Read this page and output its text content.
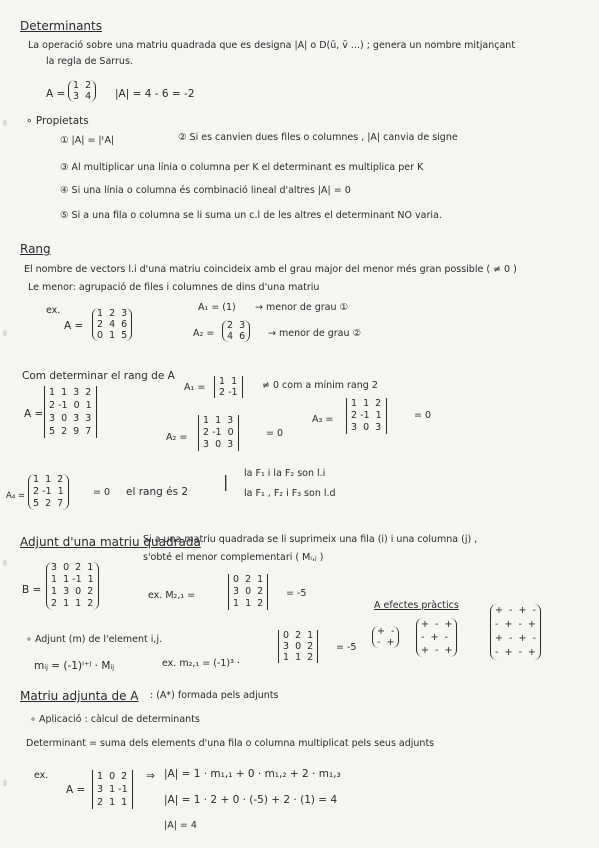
Determinants
La operació sobre una matriu quadrada que es designa |A| o D(ū, v̄ ...) ; genera un nombre mitjançant
la regla de Sarrus.
A =
1  2
3  4 |A| = 4 - 6 = -2
∘ Propietats
① |A| = |ᵗA|	② Si es canvien dues files o columnes , |A| canvia de signe
③ Al multiplicar una línia o columna per K el determinant es multiplica per K
④ Si una línia o columna és combinació lineal d'altres |A| = 0
⑤ Si a una fila o columna se li suma un c.l de les altres el determinant NO varia.
Rang
El nombre de vectors l.i d'una matriu coincideix amb el grau major del menor més gran possible ( ≠ 0 )
Le menor: agrupació de files i columnes de dins d'una matriu
ex.
A =
1  2  3
2  4  6
0  1  5
A₁ = (1) → menor de grau ①
A₂ =
2  3
4  6 → menor de grau ②
Com determinar el rang de A
A =
1  1  3  2
2 -1  0  1
3  0  3  3
5  2  9  7
A₁ =
1  1
2 -1
≠ 0 com a mínim rang 2
A₂ =
1  1  3
2 -1  0
3  0  3
= 0
A₃ =
1  1  2
2 -1  1
3  0  3
= 0
A₄ =
1  1  2
2 -1  1
5  2  7
= 0 el rang és 2
| la F₁ i la F₂ son l.i
la F₁ , F₂ i F₃ son l.d
Adjunt d'una matriu quadrada
B =
3  0  2  1
1  1 -1  1
1  3  0  2
2  1  1  2
Si a una matriu quadrada se li suprimeix una fila (i) i una columna (j) ,
s'obté el menor complementari ( Mᵢ,ⱼ )
ex. M₂,₁ =
0  2  1
3  0  2
1  1  2
= -5
∘ Adjunt (m) de l'element i,j.
mᵢⱼ = (-1)ⁱ⁺ʲ · Mᵢⱼ	ex. m₂,₁ = (-1)³ ·
0  2  1
3  0  2
1  1  2
= -5
A efectes pràctics
+  -
-  +
+  -  +
-  +  -
+  -  +
+  -  +  -
-  +  -  +
+  -  +  -
-  +  -  +
Matriu adjunta de A : (A*) formada pels adjunts
∘ Aplicació : càlcul de determinants
Determinant = suma dels elements d'una fila o columna multiplicat pels seus adjunts
ex.
A =
1  0  2
3  1 -1
2  1  1
⇒ |A| = 1 · m₁,₁ + 0 · m₁,₂ + 2 · m₁,₃
|A| = 1 · 2 + 0 · (-5) + 2 · (1) = 4
|A| = 4
